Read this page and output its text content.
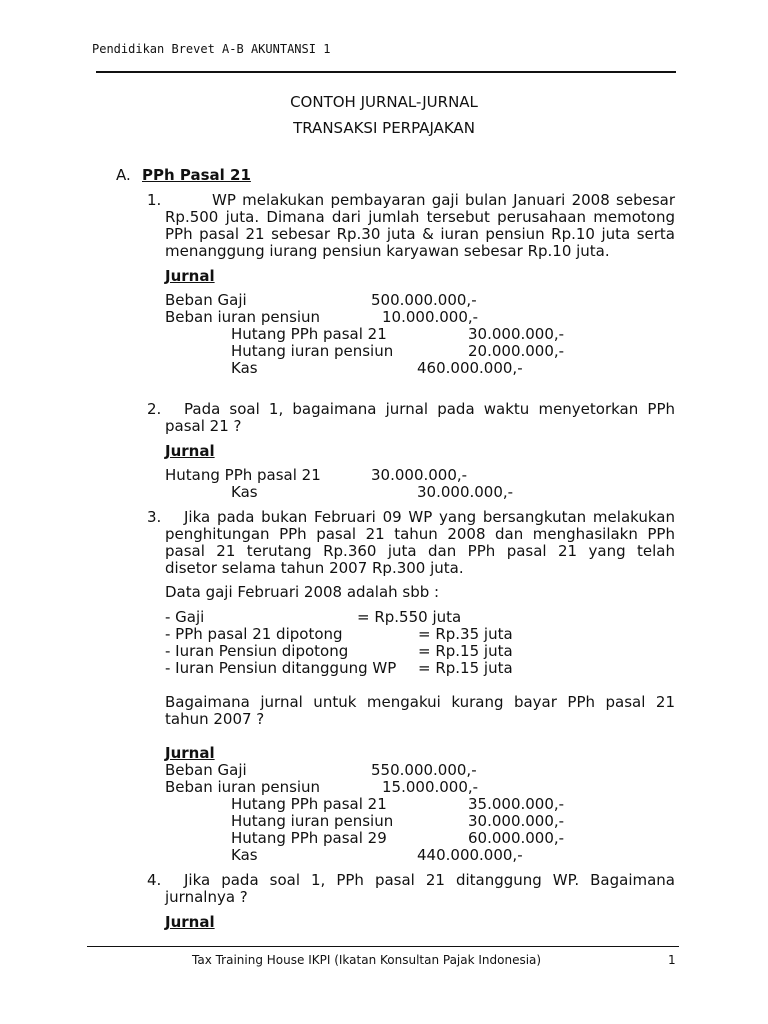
Pendidikan Brevet A-B AKUNTANSI 1
CONTOH JURNAL-JURNAL
TRANSAKSI PERPAJAKAN
A. PPh Pasal 21
1.	WP melakukan pembayaran gaji bulan Januari 2008 sebesar
Rp.500 juta. Dimana dari jumlah tersebut perusahaan memotong
PPh pasal 21 sebesar Rp.30 juta & iuran pensiun Rp.10 juta serta
menanggung iurang pensiun karyawan sebesar Rp.10 juta.
Jurnal
Beban Gaji	500.000.000,-
Beban iuran pensiun	10.000.000,-
Hutang PPh pasal 21	30.000.000,-
Hutang iuran pensiun	20.000.000,-
Kas	460.000.000,-
2. Pada soal 1, bagaimana jurnal pada waktu menyetorkan PPh
pasal 21 ?
Jurnal
Hutang PPh pasal 21	30.000.000,-
Kas	30.000.000,-
3. Jika pada bukan Februari 09 WP yang bersangkutan melakukan
penghitungan PPh pasal 21 tahun 2008 dan menghasilakn PPh
pasal 21 terutang Rp.360 juta dan PPh pasal 21 yang telah
disetor selama tahun 2007 Rp.300 juta.
Data gaji Februari 2008 adalah sbb :
- Gaji	= Rp.550 juta
- PPh pasal 21 dipotong	= Rp.35 juta
- Iuran Pensiun dipotong	= Rp.15 juta
- Iuran Pensiun ditanggung WP = Rp.15 juta
Bagaimana jurnal untuk mengakui kurang bayar PPh pasal 21
tahun 2007 ?
Jurnal
Beban Gaji	550.000.000,-
Beban iuran pensiun	15.000.000,-
Hutang PPh pasal 21	35.000.000,-
Hutang iuran pensiun	30.000.000,-
Hutang PPh pasal 29	60.000.000,-
Kas	440.000.000,-
4. Jika pada soal 1, PPh pasal 21 ditanggung WP. Bagaimana
jurnalnya ?
Jurnal
Tax Training House IKPI (Ikatan Konsultan Pajak Indonesia)	1
